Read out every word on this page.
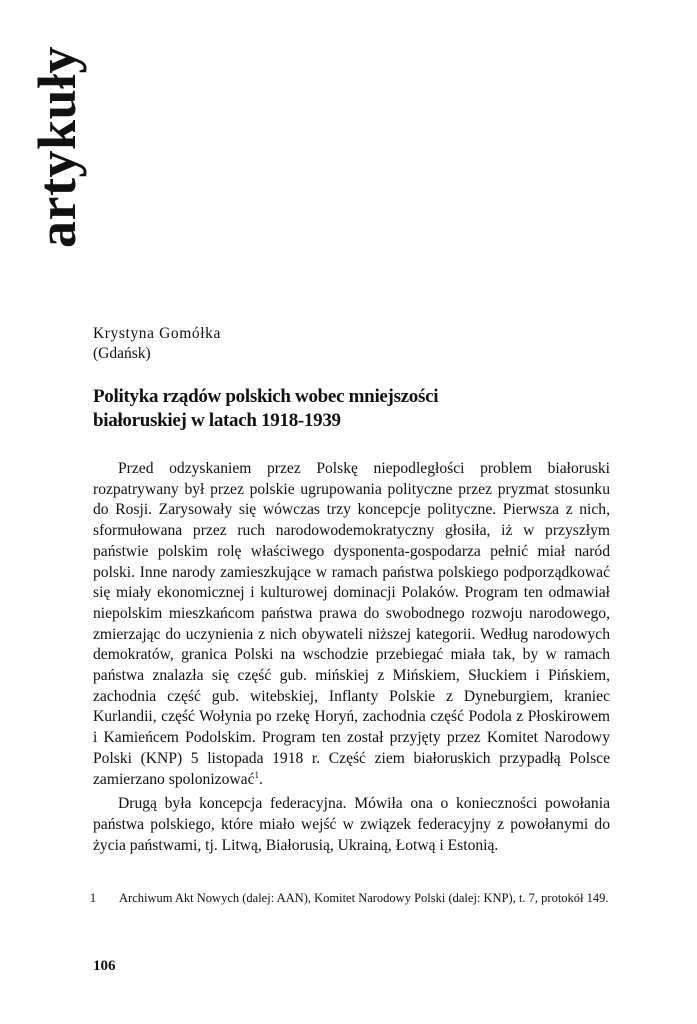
artykuły
Krystyna Gomółka
(Gdańsk)
Polityka rządów polskich wobec mniejszości
białoruskiej w latach 1918-1939

Przed odzyskaniem przez Polskę niepodległości problem białoruski rozpatrywany był przez polskie ugrupowania polityczne przez pryzmat stosunku do Rosji. Zarysowały się wówczas trzy koncepcje polityczne. Pierwsza z nich, sformułowana przez ruch narodowodemokratyczny głosiła, iż w przyszłym państwie polskim rolę właściwego dysponenta-gospodarza pełnić miał naród polski. Inne narody zamieszkujące w ramach państwa polskiego podporządkować się miały ekonomicznej i kulturowej dominacji Polaków. Program ten odmawiał niepolskim mieszkańcom państwa prawa do swobodnego rozwoju narodowego, zmierzając do uczynienia z nich obywateli niższej kategorii. Według narodowych demokratów, granica Polski na wschodzie przebiegać miała tak, by w ramach państwa znalazła się część gub. mińskiej z Mińskiem, Słuckiem i Pińskiem, zachodnia część gub. witebskiej, Inflanty Polskie z Dyneburgiem, kraniec Kurlandii, część Wołynia po rzekę Horyń, zachodnia część Podola z Płoskirowem i Kamieńcem Podolskim. Program ten został przyjęty przez Komitet Narodowy Polski (KNP) 5 listopada 1918 r. Część ziem białoruskich przypadłą Polsce zamierzano spolonizować$^1$.

Drugą była koncepcja federacyjna. Mówiła ona o konieczności powołania państwa polskiego, które miało wejść w związek federacyjny z powołanymi do życia państwami, tj. Litwą, Białorusią, Ukrainą, Łotwą i Estonią.

1 Archiwum Akt Nowych (dalej: AAN), Komitet Narodowy Polski (dalej: KNP), t. 7, protokół 149.
106
